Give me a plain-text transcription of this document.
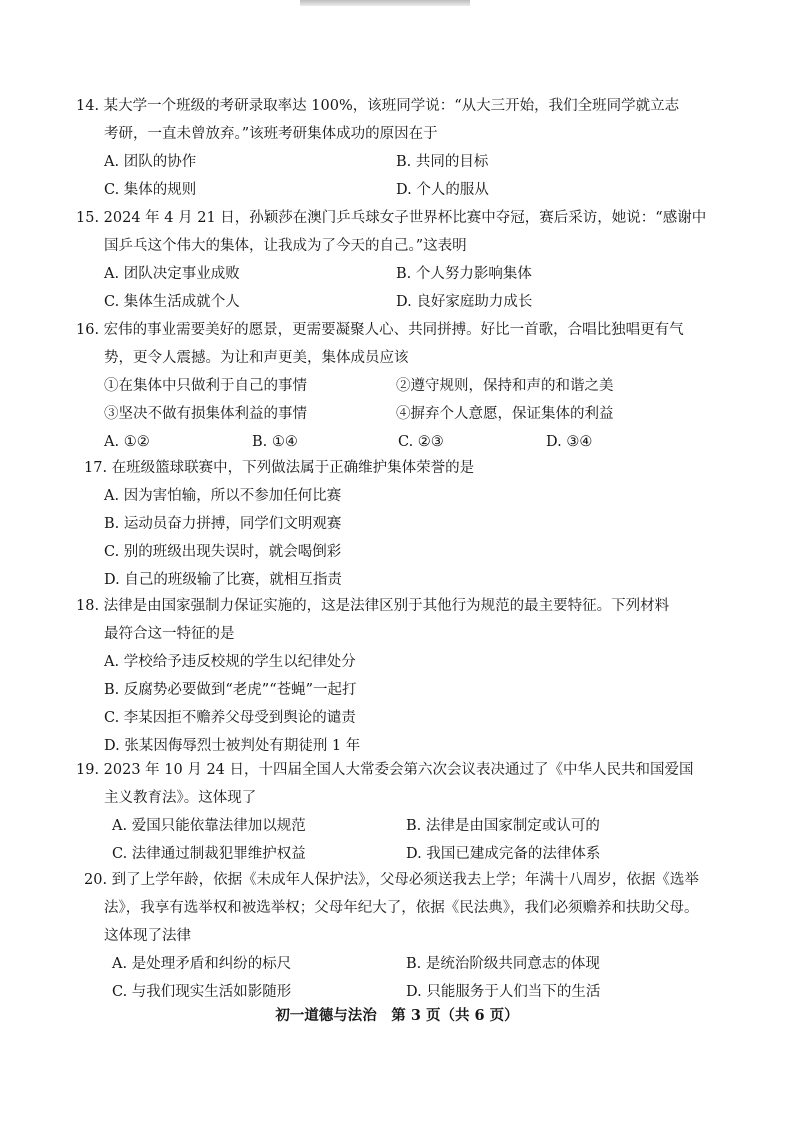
14. 某大学一个班级的考研录取率达 100%，该班同学说：“从大三开始，我们全班同学就立志
考研，一直未曾放弃。”该班考研集体成功的原因在于
A. 团队的协作	B. 共同的目标
C. 集体的规则	D. 个人的服从
15. 2024 年 4 月 21 日，孙颖莎在澳门乒乓球女子世界杯比赛中夺冠，赛后采访，她说：“感谢中
国乒乓这个伟大的集体，让我成为了今天的自己。”这表明
A. 团队决定事业成败	B. 个人努力影响集体
C. 集体生活成就个人	D. 良好家庭助力成长
16. 宏伟的事业需要美好的愿景，更需要凝聚人心、共同拼搏。好比一首歌，合唱比独唱更有气
势，更令人震撼。为让和声更美，集体成员应该
①在集体中只做利于自己的事情	②遵守规则，保持和声的和谐之美
③坚决不做有损集体利益的事情	④摒弃个人意愿，保证集体的利益
A. ①②	B. ①④	C. ②③	D. ③④
17. 在班级篮球联赛中，下列做法属于正确维护集体荣誉的是
A. 因为害怕输，所以不参加任何比赛
B. 运动员奋力拼搏，同学们文明观赛
C. 别的班级出现失误时，就会喝倒彩
D. 自己的班级输了比赛，就相互指责
18. 法律是由国家强制力保证实施的，这是法律区别于其他行为规范的最主要特征。下列材料
最符合这一特征的是
A. 学校给予违反校规的学生以纪律处分
B. 反腐势必要做到“老虎”“苍蝇”一起打
C. 李某因拒不赡养父母受到舆论的谴责
D. 张某因侮辱烈士被判处有期徒刑 1 年
19. 2023 年 10 月 24 日，十四届全国人大常委会第六次会议表决通过了《中华人民共和国爱国
主义教育法》。这体现了
A. 爱国只能依靠法律加以规范	B. 法律是由国家制定或认可的
C. 法律通过制裁犯罪维护权益	D. 我国已建成完备的法律体系
20. 到了上学年龄，依据《未成年人保护法》，父母必须送我去上学；年满十八周岁，依据《选举
法》，我享有选举权和被选举权；父母年纪大了，依据《民法典》，我们必须赡养和扶助父母。
这体现了法律
A. 是处理矛盾和纠纷的标尺	B. 是统治阶级共同意志的体现
C. 与我们现实生活如影随形	D. 只能服务于人们当下的生活
初一道德与法治　第 3 页（共 6 页）
